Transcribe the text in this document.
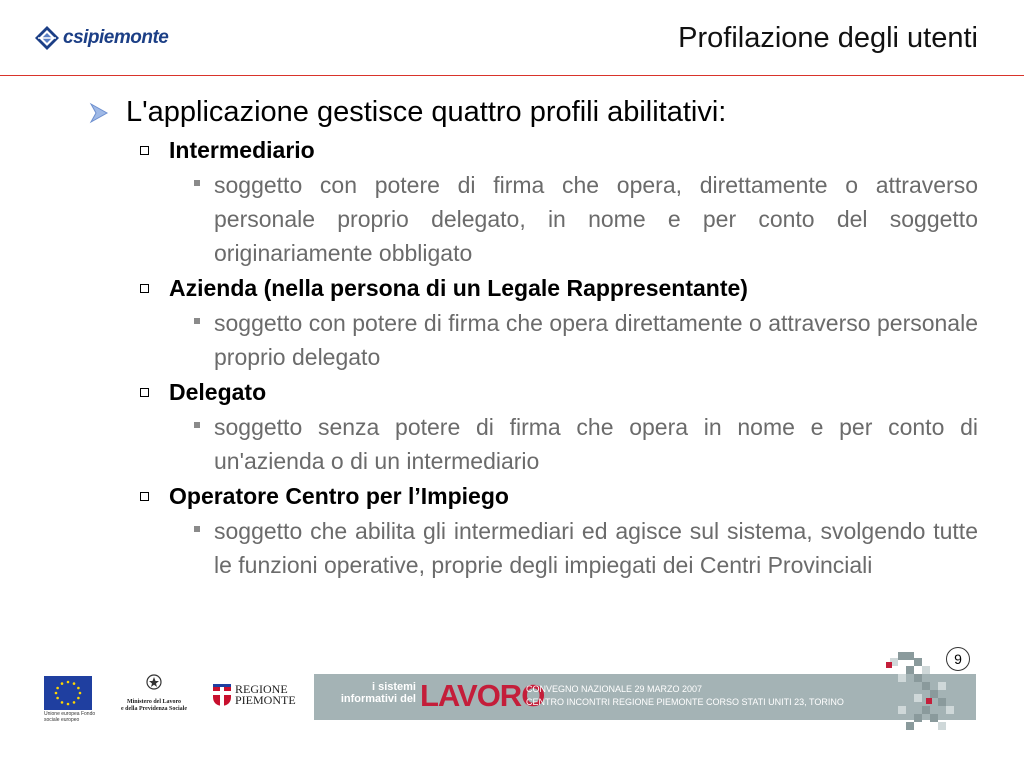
csipiemonte	Profilazione degli utenti
L'applicazione gestisce quattro profili abilitativi:
Intermediario

soggetto con potere di firma che opera, direttamente o attraverso personale proprio delegato, in nome e per conto del soggetto originariamente obbligato

Azienda (nella persona di un Legale Rappresentante)

soggetto con potere di firma che opera direttamente o attraverso personale proprio delegato

Delegato

soggetto senza potere di firma che opera in nome e per conto di un'azienda o di un intermediario

Operatore Centro per l’Impiego

soggetto che abilita gli intermediari ed agisce sul sistema, svolgendo tutte le funzioni operative, proprie degli impiegati dei Centri Provinciali

9
Unione europea Fondo sociale europeo
Ministero del Lavoro
e della Previdenza Sociale
REGIONE
PIEMONTE
i sistemi
informativi del LAVORO
CONVEGNO NAZIONALE 29 MARZO 2007
CENTRO INCONTRI REGIONE PIEMONTE CORSO STATI UNITI 23, TORINO
